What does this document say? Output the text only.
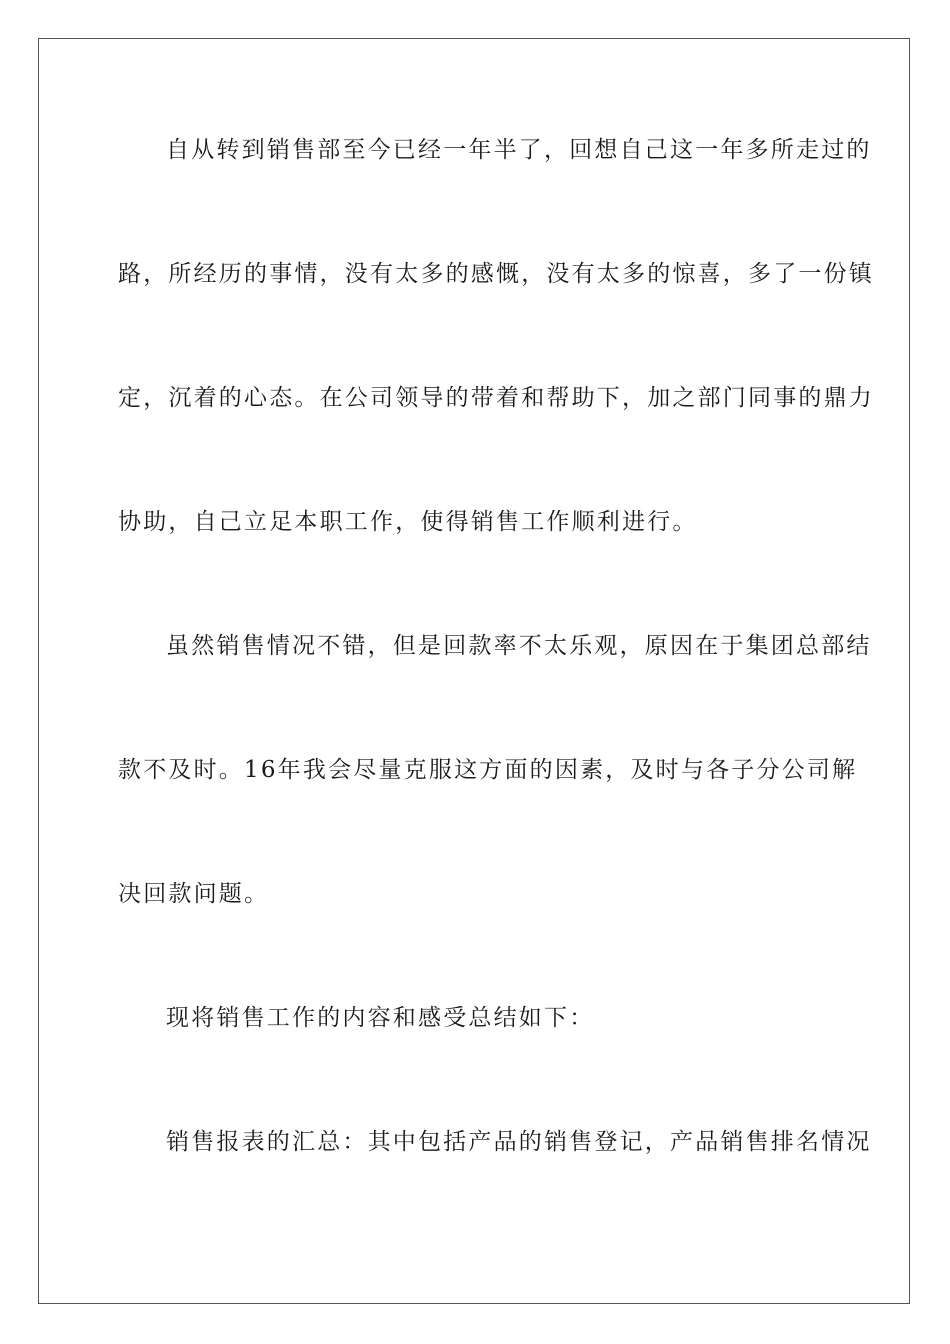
自从转到销售部至今已经一年半了，回想自己这一年多所走过的

路，所经历的事情，没有太多的感慨，没有太多的惊喜，多了一份镇

定，沉着的心态。在公司领导的带着和帮助下，加之部门同事的鼎力

协助，自己立足本职工作，使得销售工作顺利进行。

虽然销售情况不错，但是回款率不太乐观，原因在于集团总部结

款不及时。16年我会尽量克服这方面的因素，及时与各子分公司解

决回款问题。

现将销售工作的内容和感受总结如下：

销售报表的汇总：其中包括产品的销售登记，产品销售排名情况
